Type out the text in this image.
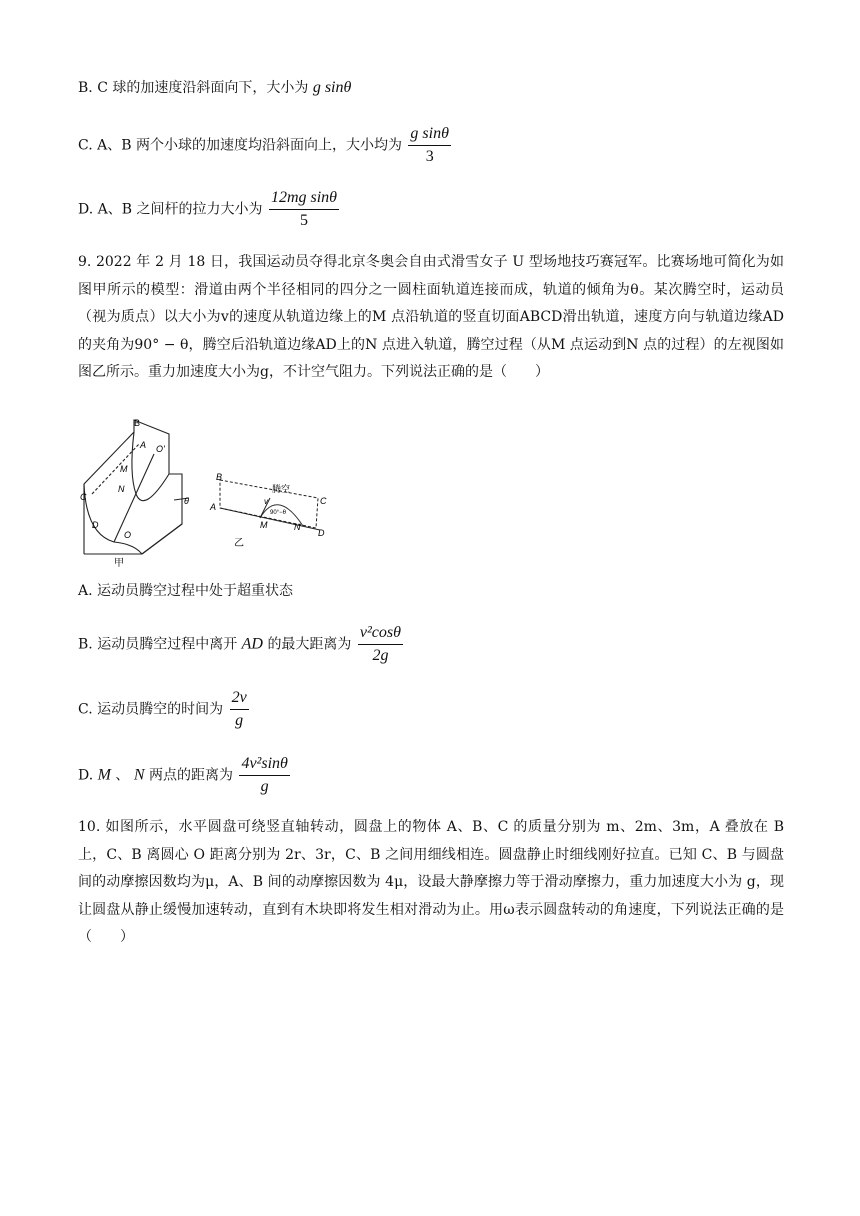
B. C 球的加速度沿斜面向下，大小为 g sinθ
C. A、B 两个小球的加速度均沿斜面向上，大小均为 $\frac{\text{g sinθ}}{3}$
D. A、B 之间杆的拉力大小为 $\frac{\text{12mg sinθ}}{5}$
9. 2022 年 2 月 18 日，我国运动员夺得北京冬奥会自由式滑雪女子 U 型场地技巧赛冠军。比赛场地可简化为如图甲所示的模型：滑道由两个半径相同的四分之一圆柱面轨道连接而成，轨道的倾角为θ。某次腾空时，运动员（视为质点）以大小为v的速度从轨道边缘上的M 点沿轨道的竖直切面ABCD滑出轨道，速度方向与轨道边缘AD的夹角为90° − θ，腾空后沿轨道边缘AD上的N 点进入轨道，腾空过程（从M 点运动到N 点的过程）的左视图如图乙所示。重力加速度大小为g，不计空气阻力。下列说法正确的是（　　）
B
A O'
M
N
C
D
O
θ
甲
B
A
C
D
腾空
v
90°−θ
M	N
乙
A. 运动员腾空过程中处于超重状态
B. 运动员腾空过程中离开 AD 的最大距离为 $\frac{\text{v²cosθ}}{2g}$
C. 运动员腾空的时间为 $\frac{2v}{g}$
D. M 、 N 两点的距离为 $\frac{\text{4v²sinθ}}{g}$
10. 如图所示，水平圆盘可绕竖直轴转动，圆盘上的物体 A、B、C 的质量分别为 m、2m、3m，A 叠放在 B 上，C、B 离圆心 O 距离分别为 2r、3r，C、B 之间用细线相连。圆盘静止时细线刚好拉直。已知 C、B 与圆盘间的动摩擦因数均为μ，A、B 间的动摩擦因数为 4μ，设最大静摩擦力等于滑动摩擦力，重力加速度大小为 g，现让圆盘从静止缓慢加速转动，直到有木块即将发生相对滑动为止。用ω表示圆盘转动的角速度，下列说法正确的是（　　）
